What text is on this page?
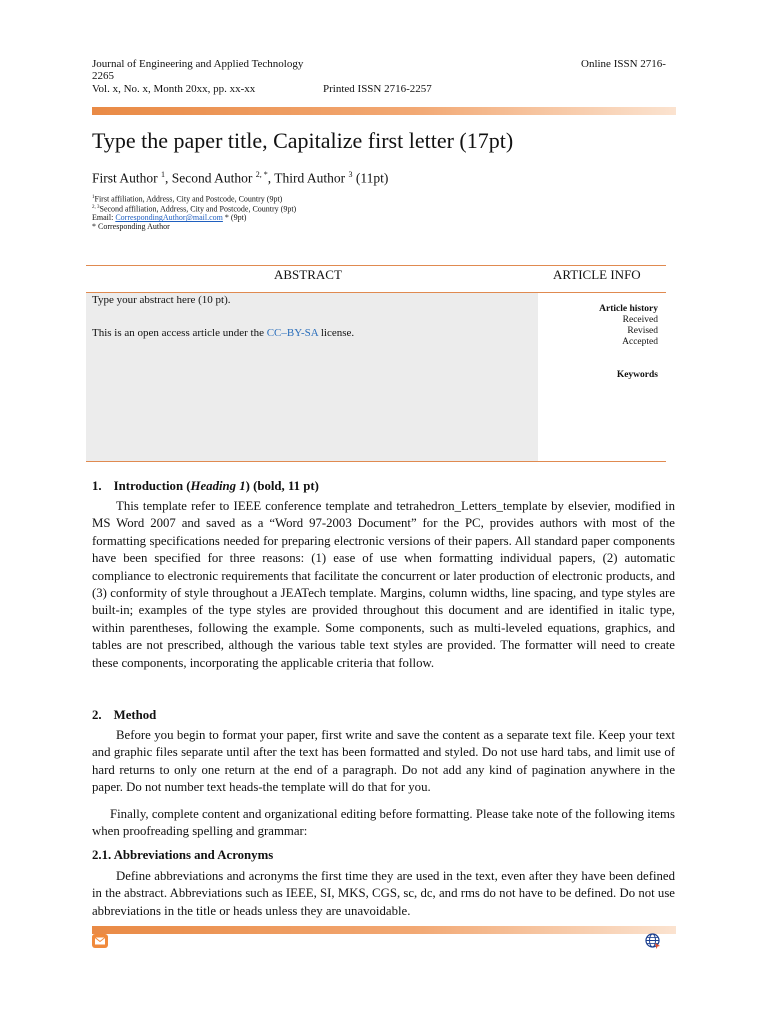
Journal of Engineering and Applied Technology	Online ISSN 2716-
2265
Vol. x, No. x, Month 20xx, pp. xx-xx	Printed ISSN 2716-2257
Type the paper title, Capitalize first letter (17pt)
First Author $^1$, Second Author $^{2, *}$, Third Author $^3$ (11pt)
$^1$First affiliation, Address, City and Postcode, Country (9pt)
$^{2, 3}$Second affiliation, Address, City and Postcode, Country (9pt)
Email: CorrespondingAuthor@mail.com * (9pt)
* Corresponding Author
ABSTRACT	ARTICLE INFO
Type your abstract here (10 pt).
This is an open access article under the CC–BY-SA license.
Article history
Received
Revised
Accepted
Keywords
1. Introduction (Heading 1) (bold, 11 pt)
This template refer to IEEE conference template and tetrahedron_Letters_template by elsevier, modified in MS Word 2007 and saved as a “Word 97-2003 Document” for the PC, provides authors with most of the formatting specifications needed for preparing electronic versions of their papers. All standard paper components have been specified for three reasons: (1) ease of use when formatting individual papers, (2) automatic compliance to electronic requirements that facilitate the concurrent or later production of electronic products, and (3) conformity of style throughout a JEATech template. Margins, column widths, line spacing, and type styles are built-in; examples of the type styles are provided throughout this document and are identified in italic type, within parentheses, following the example. Some components, such as multi-leveled equations, graphics, and tables are not prescribed, although the various table text styles are provided. The formatter will need to create these components, incorporating the applicable criteria that follow.
2. Method
Before you begin to format your paper, first write and save the content as a separate text file. Keep your text and graphic files separate until after the text has been formatted and styled. Do not use hard tabs, and limit use of hard returns to only one return at the end of a paragraph. Do not add any kind of pagination anywhere in the paper. Do not number text heads-the template will do that for you.
Finally, complete content and organizational editing before formatting. Please take note of the following items when proofreading spelling and grammar:
2.1. Abbreviations and Acronyms
Define abbreviations and acronyms the first time they are used in the text, even after they have been defined in the abstract. Abbreviations such as IEEE, SI, MKS, CGS, sc, dc, and rms do not have to be defined. Do not use abbreviations in the title or heads unless they are unavoidable.
